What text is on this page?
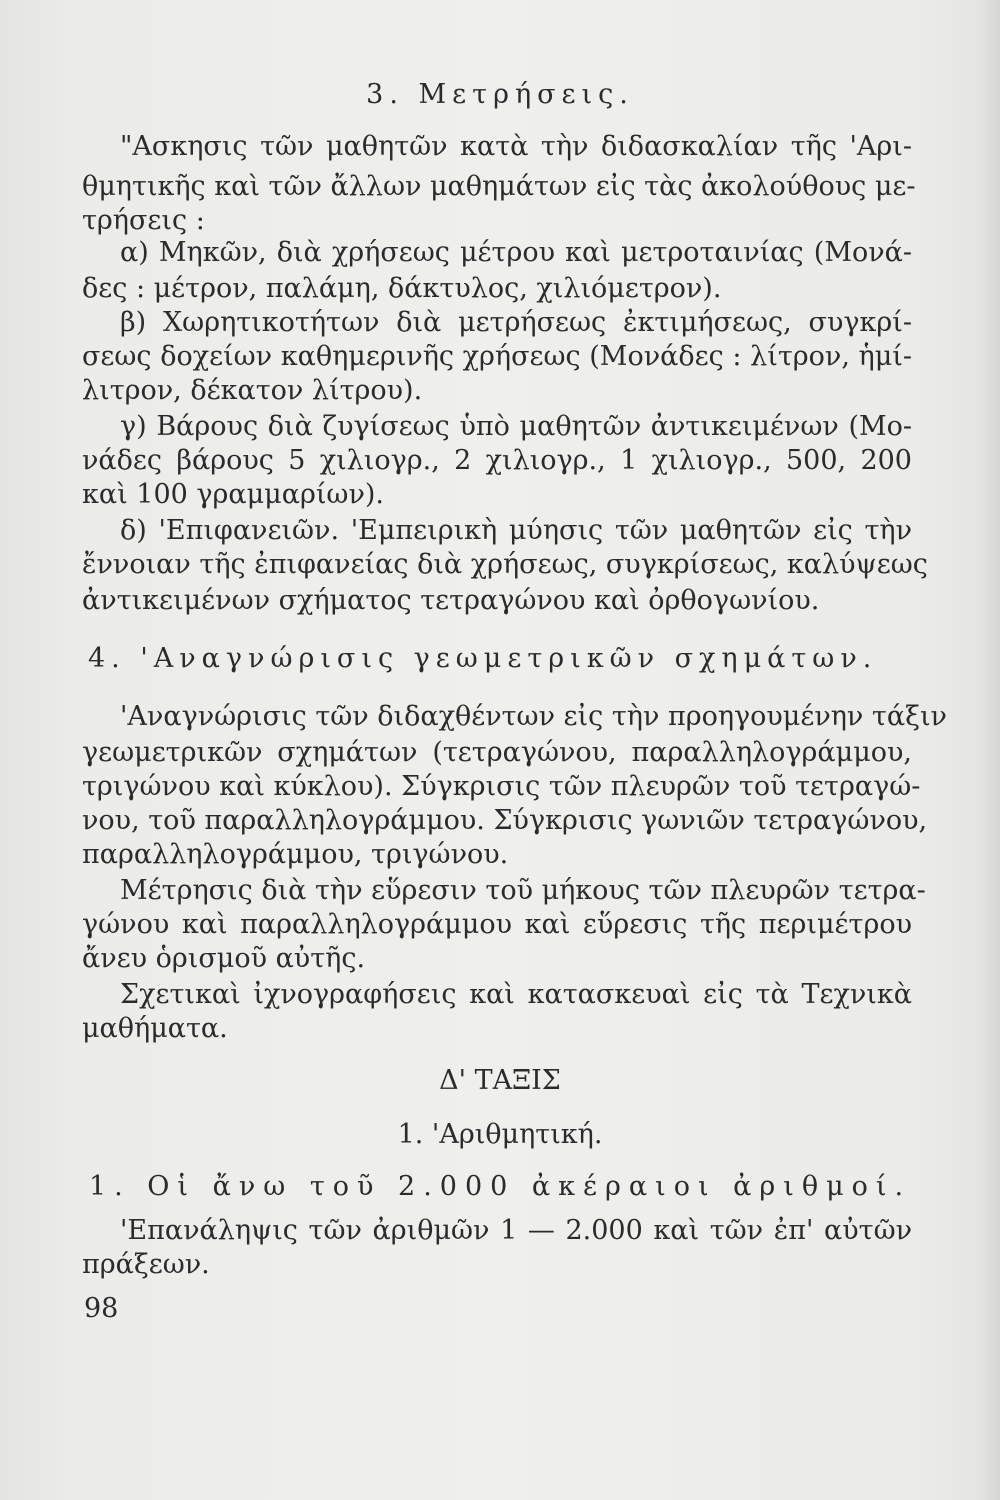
3. Μετρήσεις.
"Ασκησις τῶν μαθητῶν κατὰ τὴν διδασκαλίαν τῆς 'Αρι-
θμητικῆς καὶ τῶν ἄλλων μαθημάτων εἰς τὰς ἀκολούθους με-
τρήσεις :
α) Μηκῶν, διὰ χρήσεως μέτρου καὶ μετροταινίας (Μονά-
δες : μέτρον, παλάμη, δάκτυλος, χιλιόμετρον).
β) Χωρητικοτήτων διὰ μετρήσεως ἐκτιμήσεως, συγκρί-
σεως δοχείων καθημερινῆς χρήσεως (Μονάδες : λίτρον, ἡμί-
λιτρον, δέκατον λίτρου).
γ) Βάρους διὰ ζυγίσεως ὑπὸ μαθητῶν ἀντικειμένων (Μο-
νάδες βάρους 5 χιλιογρ., 2 χιλιογρ., 1 χιλιογρ., 500, 200
καὶ 100 γραμμαρίων).
δ) 'Επιφανειῶν. 'Εμπειρικὴ μύησις τῶν μαθητῶν εἰς τὴν
ἔννοιαν τῆς ἐπιφανείας διὰ χρήσεως, συγκρίσεως, καλύψεως
ἀντικειμένων σχήματος τετραγώνου καὶ ὀρθογωνίου.
4. 'Αναγνώρισις γεωμετρικῶν σχημάτων.
'Αναγνώρισις τῶν διδαχθέντων εἰς τὴν προηγουμένην τάξιν
γεωμετρικῶν σχημάτων (τετραγώνου, παραλληλογράμμου,
τριγώνου καὶ κύκλου). Σύγκρισις τῶν πλευρῶν τοῦ τετραγώ-
νου, τοῦ παραλληλογράμμου. Σύγκρισις γωνιῶν τετραγώνου,
παραλληλογράμμου, τριγώνου.
Μέτρησις διὰ τὴν εὕρεσιν τοῦ μήκους τῶν πλευρῶν τετρα-
γώνου καὶ παραλληλογράμμου καὶ εὕρεσις τῆς περιμέτρου
ἄνευ ὁρισμοῦ αὐτῆς.
Σχετικαὶ ἰχνογραφήσεις καὶ κατασκευαὶ εἰς τὰ Τεχνικὰ
μαθήματα.
Δ' ΤΑΞΙΣ
1. 'Αριθμητική.
1. Οἱ ἄνω τοῦ 2.000 ἀκέραιοι ἀριθμοί.
'Επανάληψις τῶν ἀριθμῶν 1 — 2.000 καὶ τῶν ἐπ' αὐτῶν
πράξεων.
98
